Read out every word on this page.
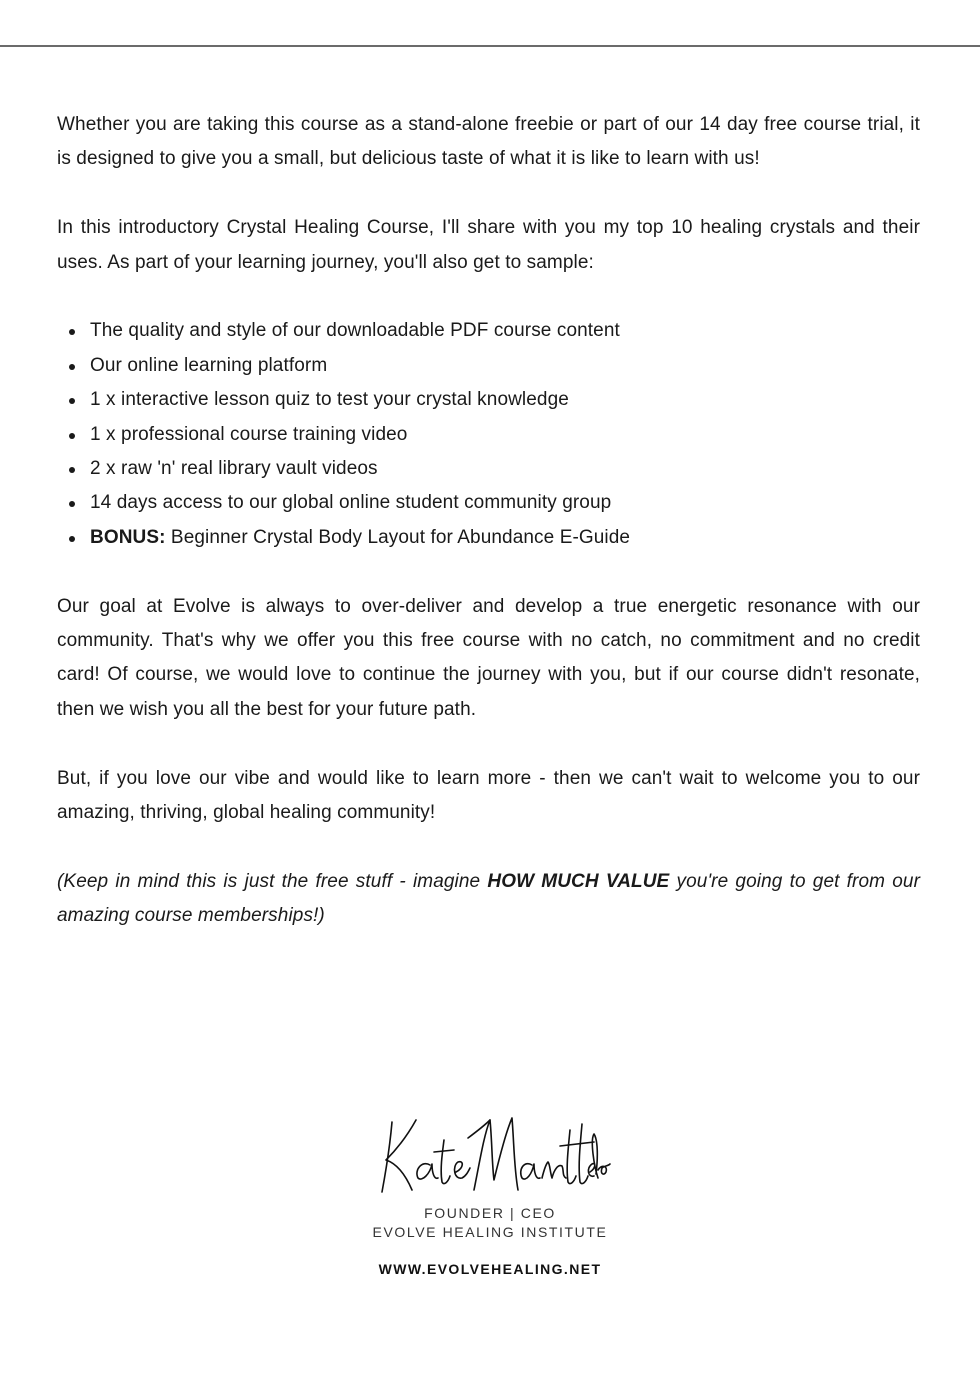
Whether you are taking this course as a stand-alone freebie or part of our 14 day free course trial, it is designed to give you a small, but delicious taste of what it is like to learn with us!

In this introductory Crystal Healing Course, I'll share with you my top 10 healing crystals and their uses. As part of your learning journey, you'll also get to sample:

The quality and style of our downloadable PDF course content
Our online learning platform
1 x interactive lesson quiz to test your crystal knowledge
1 x professional course training video
2 x raw 'n' real library vault videos
14 days access to our global online student community group
BONUS: Beginner Crystal Body Layout for Abundance E-Guide

Our goal at Evolve is always to over-deliver and develop a true energetic resonance with our community. That's why we offer you this free course with no catch, no commitment and no credit card! Of course, we would love to continue the journey with you, but if our course didn't resonate, then we wish you all the best for your future path.

But, if you love our vibe and would like to learn more - then we can't wait to welcome you to our amazing, thriving, global healing community!

(Keep in mind this is just the free stuff - imagine HOW MUCH VALUE you're going to get from our amazing course memberships!)

FOUNDER | CEO
EVOLVE HEALING INSTITUTE
WWW.EVOLVEHEALING.NET
